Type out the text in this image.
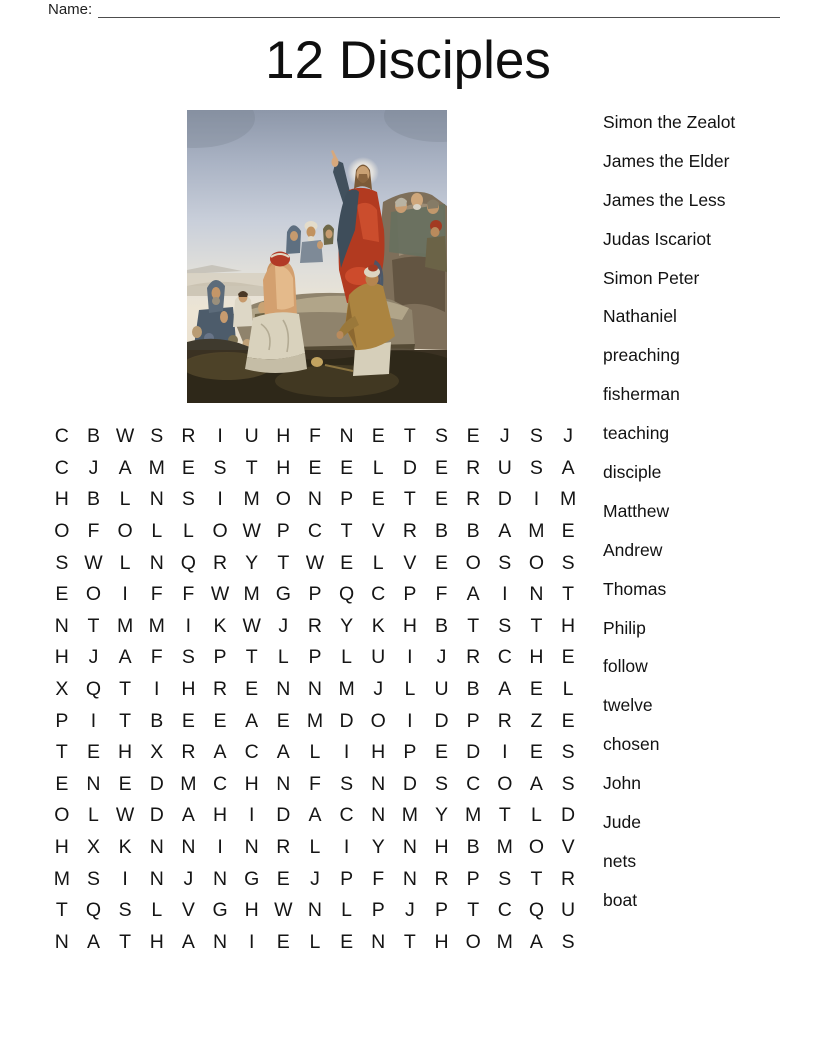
Name:
12 Disciples
Simon the Zealot
James the Elder
James the Less
Judas Iscariot
Simon Peter
Nathaniel
preaching
fisherman
teaching
disciple
Matthew
Andrew
Thomas
Philip
follow
twelve
chosen
John
Jude
nets
boat
C B W S R	I	U H F N E T S E	J	S	J
C	J	A M E S T H E E	L D E R U S A
H B	L N S	I	M O N P E T E R D	I	M
O F O L	L O W P C T V R B B A M E
S W L N Q R Y T W E	L	V E O S O S
E O	I	F	F W M G P Q C P F A	I	N T
N T M M	I	K W J	R Y K H B T S T H
H	J	A F S P T	L	P	L U	I	J	R C H E
X Q T	I	H R E N N M J	L U B A E	L
P	I	T B E E A E M D O	I	D P R Z E
T E H X R A C A	L	I	H P E D	I	E S
E N E D M C H N F S N D S C O A S
O L W D A H	I	D A C N M Y M T	L D
H X K N N	I	N R L	I	Y N H B M O V
M S	I	N	J	N G E	J	P F N R P S T R
T Q S	L	V G H W N L	P	J	P T C Q U
N A T H A N	I	E	L	E N T H O M A S
